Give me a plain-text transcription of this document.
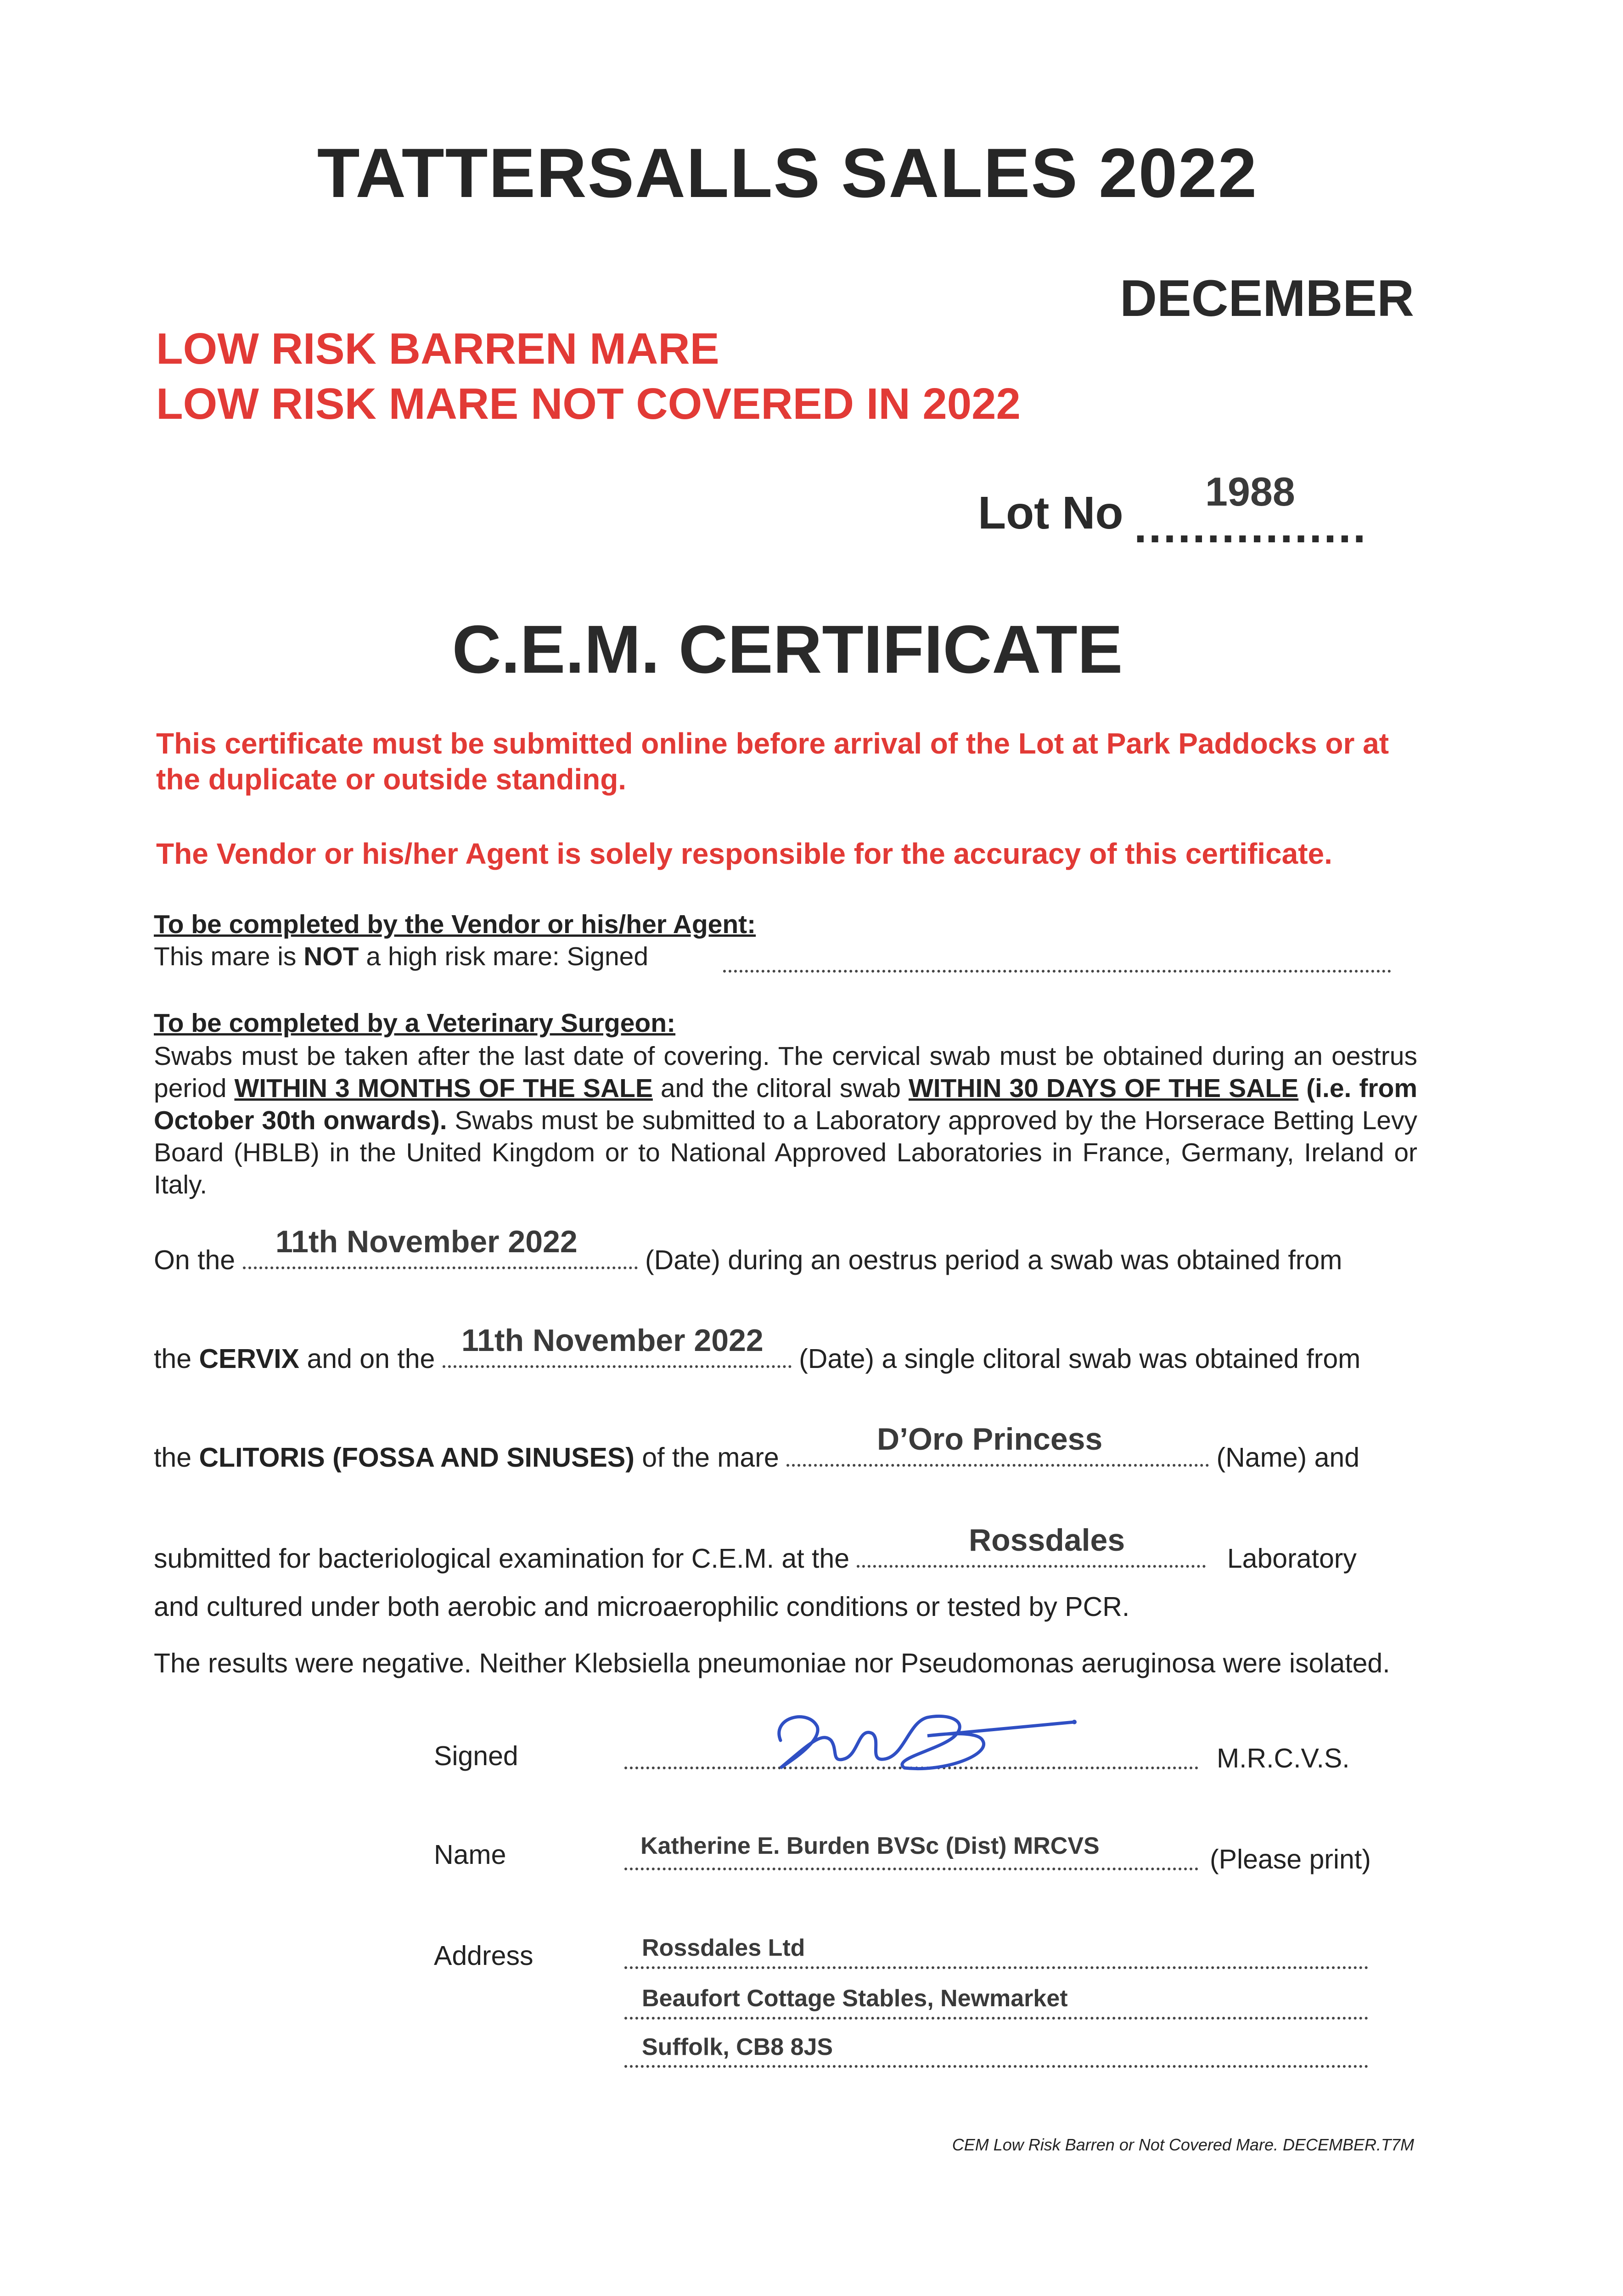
TATTERSALLS SALES 2022
DECEMBER
LOW RISK BARREN MARE
LOW RISK MARE NOT COVERED IN 2022
Lot No ................
1988
C.E.M. CERTIFICATE
This certificate must be submitted online before arrival of the Lot at Park Paddocks or at the duplicate or outside standing.
The Vendor or his/her Agent is solely responsible for the accuracy of this certificate.
To be completed by the Vendor or his/her Agent:
This mare is NOT a high risk mare: Signed
To be completed by a Veterinary Surgeon:
Swabs must be taken after the last date of covering. The cervical swab must be obtained during an oestrus period WITHIN 3 MONTHS OF THE SALE and the clitoral swab WITHIN 30 DAYS OF THE SALE (i.e. from October 30th onwards). Swabs must be submitted to a Laboratory approved by the Horserace Betting Levy Board (HBLB) in the United Kingdom or to National Approved Laboratories in France, Germany, Ireland or Italy.
On the	(Date) during an oestrus period a swab was obtained from
11th November 2022
the CERVIX and on the	(Date) a single clitoral swab was obtained from
11th November 2022
the CLITORIS (FOSSA AND SINUSES) of the mare	(Name) and
D’Oro Princess
submitted for bacteriological examination for C.E.M. at the	Laboratory
Rossdales
and cultured under both aerobic and microaerophilic conditions or tested by PCR.
The results were negative. Neither Klebsiella pneumoniae nor Pseudomonas aeruginosa were isolated.
Signed	M.R.C.V.S.
Name	Katherine E. Burden BVSc (Dist) MRCVS	(Please print)
Address	Rossdales Ltd
Beaufort Cottage Stables, Newmarket
Suffolk, CB8 8JS
CEM Low Risk Barren or Not Covered Mare. DECEMBER.T7M
